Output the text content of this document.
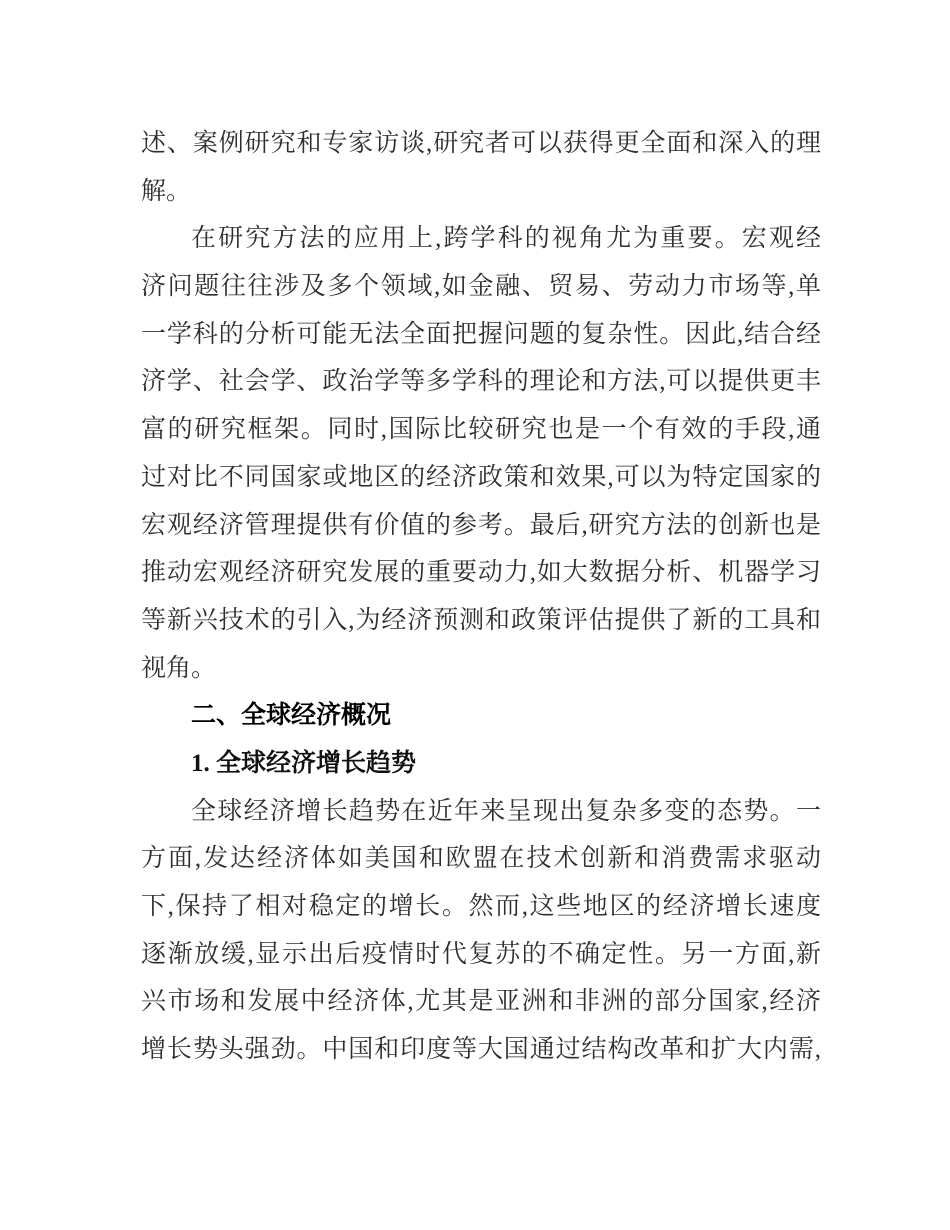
述、案例研究和专家访谈,研究者可以获得更全面和深入的理
解。
在研究方法的应用上,跨学科的视角尤为重要。宏观经
济问题往往涉及多个领域,如金融、贸易、劳动力市场等,单
一学科的分析可能无法全面把握问题的复杂性。因此,结合经
济学、社会学、政治学等多学科的理论和方法,可以提供更丰
富的研究框架。同时,国际比较研究也是一个有效的手段,通
过对比不同国家或地区的经济政策和效果,可以为特定国家的
宏观经济管理提供有价值的参考。最后,研究方法的创新也是
推动宏观经济研究发展的重要动力,如大数据分析、机器学习
等新兴技术的引入,为经济预测和政策评估提供了新的工具和
视角。
二、全球经济概况
1. 全球经济增长趋势
全球经济增长趋势在近年来呈现出复杂多变的态势。一
方面,发达经济体如美国和欧盟在技术创新和消费需求驱动
下,保持了相对稳定的增长。然而,这些地区的经济增长速度
逐渐放缓,显示出后疫情时代复苏的不确定性。另一方面,新
兴市场和发展中经济体,尤其是亚洲和非洲的部分国家,经济
增长势头强劲。中国和印度等大国通过结构改革和扩大内需,
